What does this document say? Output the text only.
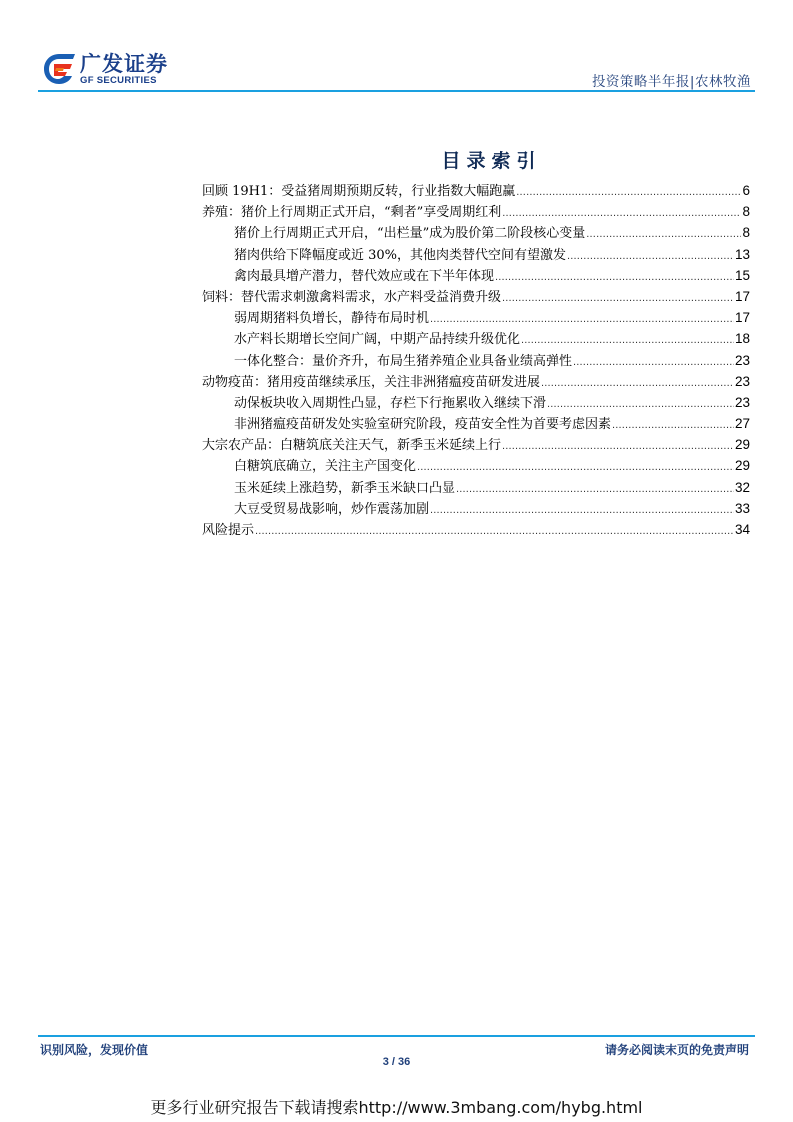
广发证券
GF SECURITIES	投资策略半年报|农林牧渔
目录索引
回顾 19H1：受益猪周期预期反转，行业指数大幅跑赢 .....	6
养殖：猪价上行周期正式开启，“剩者”享受周期红利 .....	8
猪价上行周期正式开启，“出栏量”成为股价第二阶段核心变量 .....	8
猪肉供给下降幅度或近 30%，其他肉类替代空间有望激发 .....	13
禽肉最具增产潜力，替代效应或在下半年体现 .....	15
饲料：替代需求刺激禽料需求，水产料受益消费升级 .....	17
弱周期猪料负增长，静待布局时机 .....	17
水产料长期增长空间广阔，中期产品持续升级优化 .....	18
一体化整合：量价齐升，布局生猪养殖企业具备业绩高弹性 .....	23
动物疫苗：猪用疫苗继续承压，关注非洲猪瘟疫苗研发进展 .....	23
动保板块收入周期性凸显，存栏下行拖累收入继续下滑 .....	23
非洲猪瘟疫苗研发处实验室研究阶段，疫苗安全性为首要考虑因素 .....	27
大宗农产品：白糖筑底关注天气，新季玉米延续上行 .....	29
白糖筑底确立，关注主产国变化 .....	29
玉米延续上涨趋势，新季玉米缺口凸显 .....	32
大豆受贸易战影响，炒作震荡加剧 .....	33
风险提示 .....	34
识别风险，发现价值	请务必阅读末页的免责声明
3 / 36
更多行业研究报告下载请搜索http://www.3mbang.com/hybg.html
